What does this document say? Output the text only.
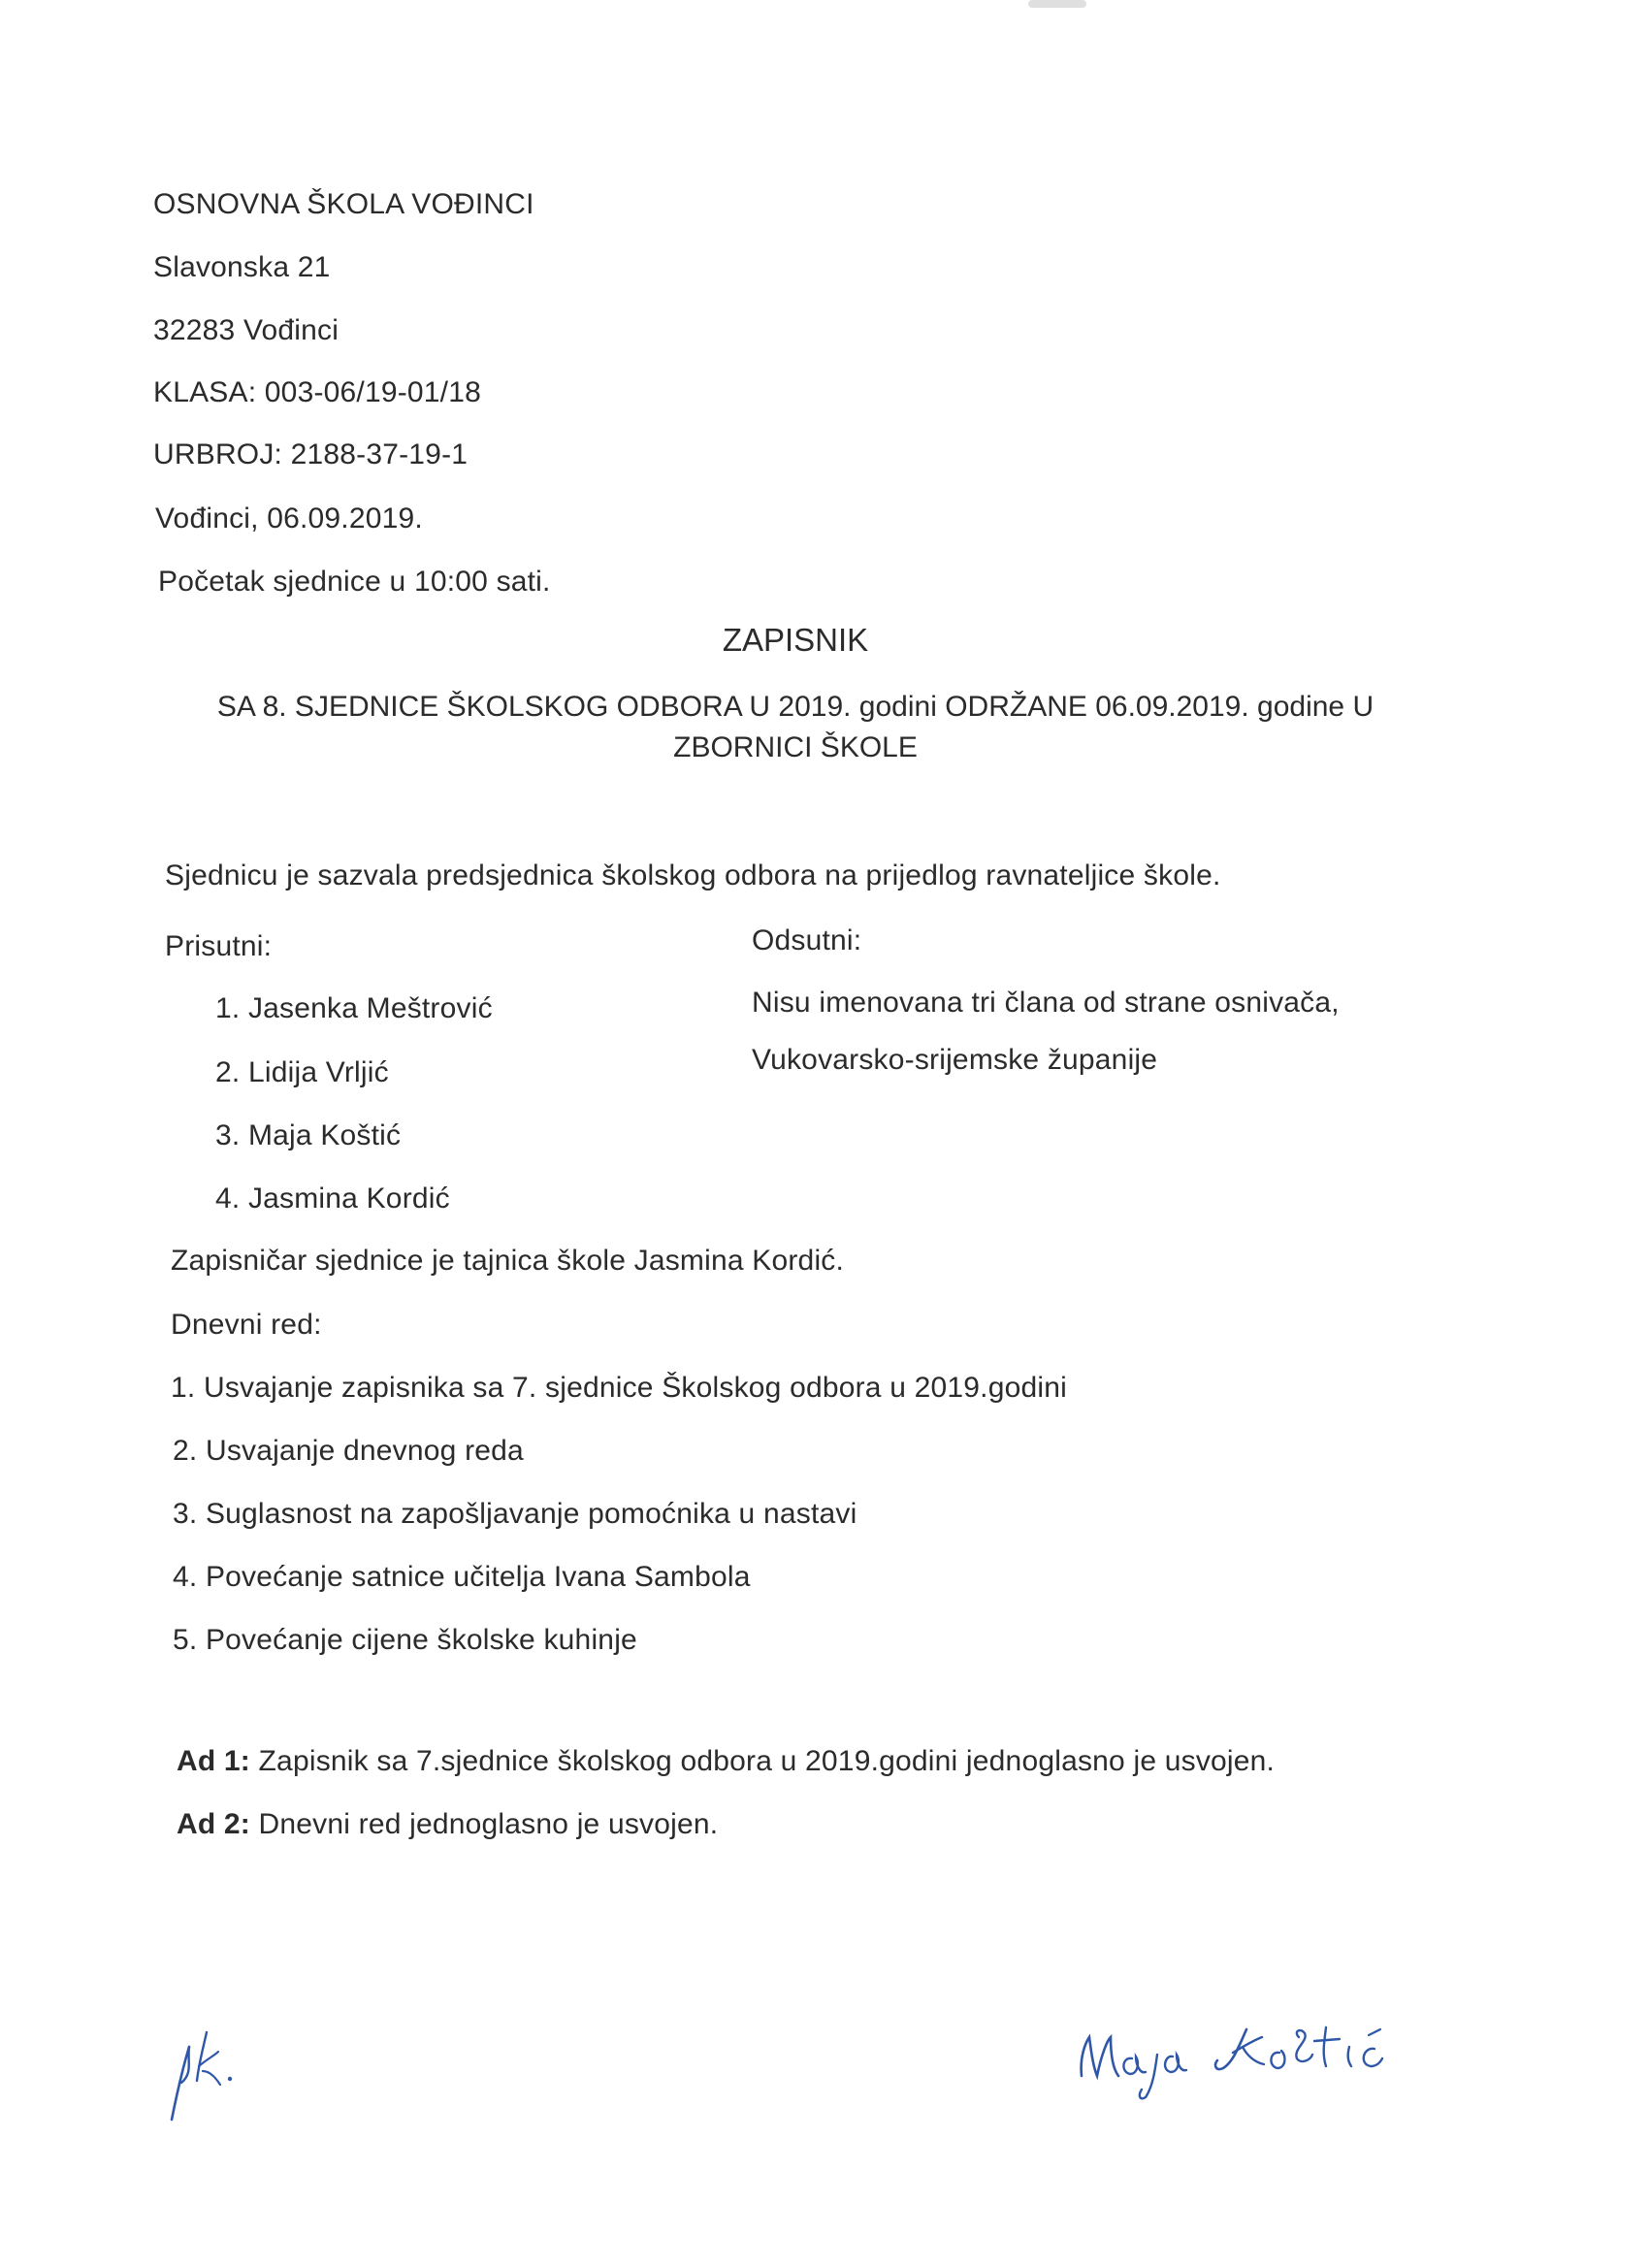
OSNOVNA ŠKOLA VOĐINCI
Slavonska 21
32283 Vođinci
KLASA: 003-06/19-01/18
URBROJ: 2188-37-19-1
Vođinci, 06.09.2019.
Početak sjednice u 10:00 sati.
ZAPISNIK
SA 8. SJEDNICE ŠKOLSKOG ODBORA U 2019. godini ODRŽANE 06.09.2019. godine U
ZBORNICI ŠKOLE
Sjednicu je sazvala predsjednica školskog odbora na prijedlog ravnateljice škole.
Prisutni:	Odsutni:
1. Jasenka Meštrović
2. Lidija Vrljić
3. Maja Koštić
4. Jasmina Kordić
Nisu imenovana tri člana od strane osnivača,
Vukovarsko-srijemske županije
Zapisničar sjednice je tajnica škole Jasmina Kordić.
Dnevni red:
1. Usvajanje zapisnika sa 7. sjednice Školskog odbora u 2019.godini
2. Usvajanje dnevnog reda
3. Suglasnost na zapošljavanje pomoćnika u nastavi
4. Povećanje satnice učitelja Ivana Sambola
5. Povećanje cijene školske kuhinje
Ad 1: Zapisnik sa 7.sjednice školskog odbora u 2019.godini jednoglasno je usvojen.
Ad 2: Dnevni red jednoglasno je usvojen.
